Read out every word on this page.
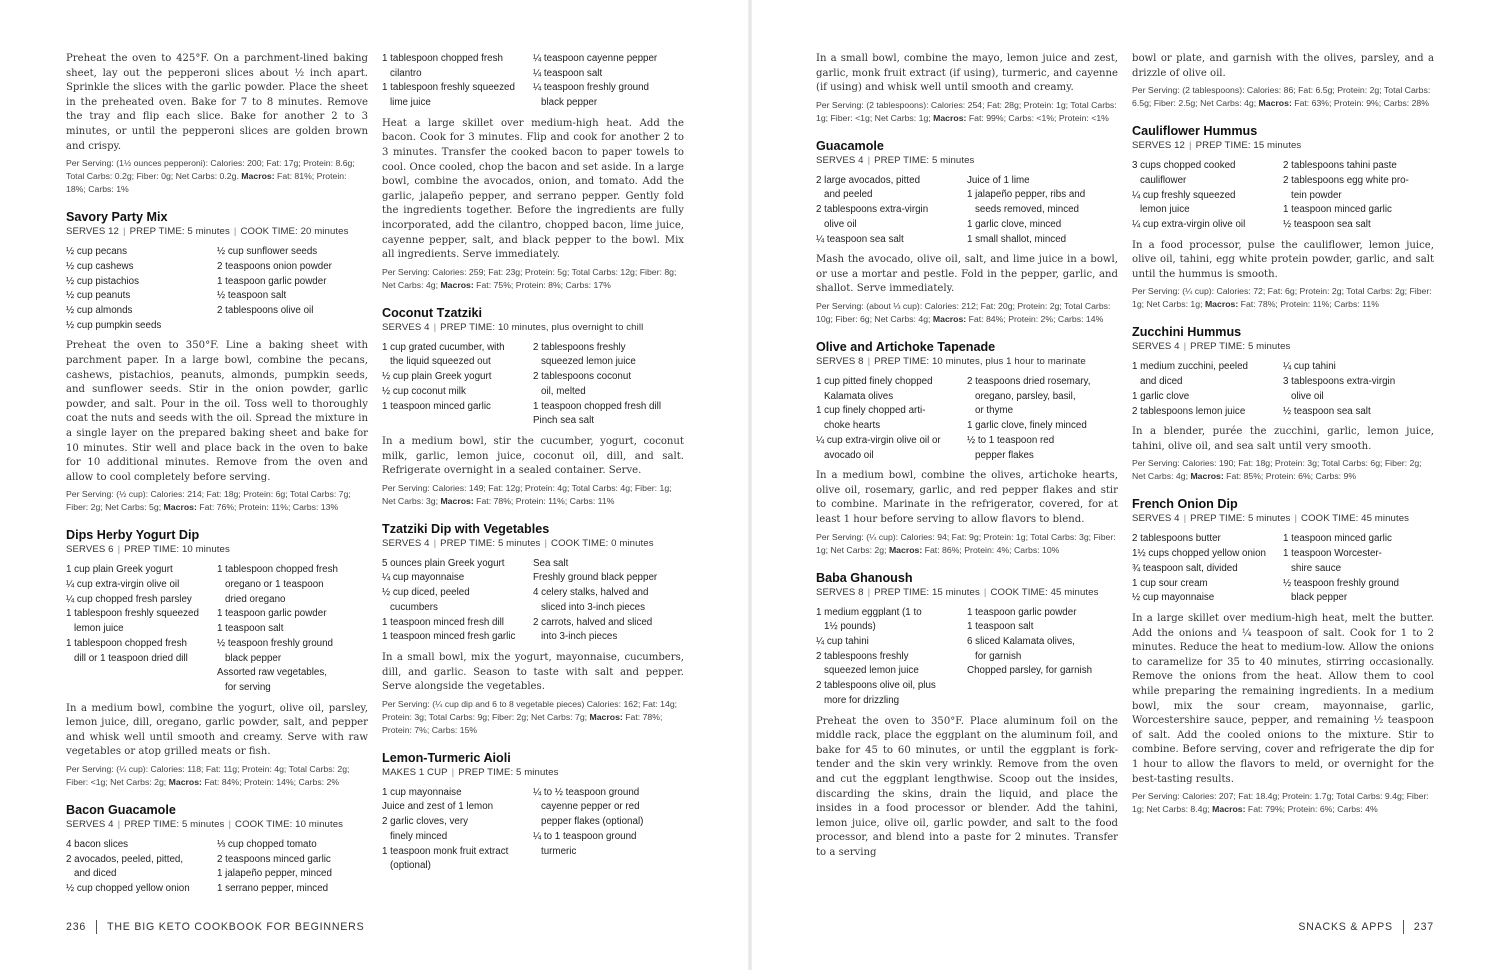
Preheat the oven to 425°F. On a parchment-lined baking sheet, lay out the pepperoni slices about ½ inch apart. Sprinkle the slices with the garlic powder. Place the sheet in the preheated oven. Bake for 7 to 8 minutes. Remove the tray and flip each slice. Bake for another 2 to 3 minutes, or until the pepperoni slices are golden brown and crispy.

Per Serving: (1½ ounces pepperoni): Calories: 200; Fat: 17g; Protein: 8.6g; Total Carbs: 0.2g; Fiber: 0g; Net Carbs: 0.2g. Macros: Fat: 81%; Protein: 18%; Carbs: 1%

Savory Party Mix
SERVES 12 | PREP TIME: 5 minutes | COOK TIME: 20 minutes
½ cup pecans
½ cup cashews
½ cup pistachios
½ cup peanuts
½ cup almonds
½ cup pumpkin seeds
½ cup sunflower seeds
2 teaspoons onion powder
1 teaspoon garlic powder
½ teaspoon salt
2 tablespoons olive oil

Preheat the oven to 350°F. Line a baking sheet with parchment paper. In a large bowl, combine the pecans, cashews, pistachios, peanuts, almonds, pumpkin seeds, and sunflower seeds. Stir in the onion powder, garlic powder, and salt. Pour in the oil. Toss well to thoroughly coat the nuts and seeds with the oil. Spread the mixture in a single layer on the prepared baking sheet and bake for 10 minutes. Stir well and place back in the oven to bake for 10 additional minutes. Remove from the oven and allow to cool completely before serving.

Per Serving: (½ cup): Calories: 214; Fat: 18g; Protein: 6g; Total Carbs: 7g; Fiber: 2g; Net Carbs: 5g; Macros: Fat: 76%; Protein: 11%; Carbs: 13%

Dips Herby Yogurt Dip
SERVES 6 | PREP TIME: 10 minutes
1 cup plain Greek yogurt
¼ cup extra-virgin olive oil
¼ cup chopped fresh parsley
1 tablespoon freshly squeezed
lemon juice
1 tablespoon chopped fresh
dill or 1 teaspoon dried dill
1 tablespoon chopped fresh
oregano or 1 teaspoon
dried oregano
1 teaspoon garlic powder
1 teaspoon salt
½ teaspoon freshly ground
black pepper
Assorted raw vegetables,
for serving

In a medium bowl, combine the yogurt, olive oil, parsley, lemon juice, dill, oregano, garlic powder, salt, and pepper and whisk well until smooth and creamy. Serve with raw vegetables or atop grilled meats or fish.

Per Serving: (¼ cup): Calories: 118; Fat: 11g; Protein: 4g; Total Carbs: 2g; Fiber: <1g; Net Carbs: 2g; Macros: Fat: 84%; Protein: 14%; Carbs: 2%

Bacon Guacamole
SERVES 4 | PREP TIME: 5 minutes | COOK TIME: 10 minutes
4 bacon slices
2 avocados, peeled, pitted,
and diced
½ cup chopped yellow onion
⅓ cup chopped tomato
2 teaspoons minced garlic
1 jalapeño pepper, minced
1 serrano pepper, minced
1 tablespoon chopped fresh
cilantro
1 tablespoon freshly squeezed
lime juice
¼ teaspoon cayenne pepper
¼ teaspoon salt
¼ teaspoon freshly ground
black pepper

Heat a large skillet over medium-high heat. Add the bacon. Cook for 3 minutes. Flip and cook for another 2 to 3 minutes. Transfer the cooked bacon to paper towels to cool. Once cooled, chop the bacon and set aside. In a large bowl, combine the avocados, onion, and tomato. Add the garlic, jalapeño pepper, and serrano pepper. Gently fold the ingredients together. Before the ingredients are fully incorporated, add the cilantro, chopped bacon, lime juice, cayenne pepper, salt, and black pepper to the bowl. Mix all ingredients. Serve immediately.

Per Serving: Calories: 259; Fat: 23g; Protein: 5g; Total Carbs: 12g; Fiber: 8g; Net Carbs: 4g; Macros: Fat: 75%; Protein: 8%; Carbs: 17%

Coconut Tzatziki
SERVES 4 | PREP TIME: 10 minutes, plus overnight to chill
1 cup grated cucumber, with
the liquid squeezed out
½ cup plain Greek yogurt
½ cup coconut milk
1 teaspoon minced garlic
2 tablespoons freshly
squeezed lemon juice
2 tablespoons coconut
oil, melted
1 teaspoon chopped fresh dill
Pinch sea salt

In a medium bowl, stir the cucumber, yogurt, coconut milk, garlic, lemon juice, coconut oil, dill, and salt. Refrigerate overnight in a sealed container. Serve.

Per Serving: Calories: 149; Fat: 12g; Protein: 4g; Total Carbs: 4g; Fiber: 1g; Net Carbs: 3g; Macros: Fat: 78%; Protein: 11%; Carbs: 11%

Tzatziki Dip with Vegetables
SERVES 4 | PREP TIME: 5 minutes | COOK TIME: 0 minutes
5 ounces plain Greek yogurt
¼ cup mayonnaise
½ cup diced, peeled
cucumbers
1 teaspoon minced fresh dill
1 teaspoon minced fresh garlic
Sea salt
Freshly ground black pepper
4 celery stalks, halved and
sliced into 3-inch pieces
2 carrots, halved and sliced
into 3-inch pieces

In a small bowl, mix the yogurt, mayonnaise, cucumbers, dill, and garlic. Season to taste with salt and pepper. Serve alongside the vegetables.

Per Serving: (¼ cup dip and 6 to 8 vegetable pieces) Calories: 162; Fat: 14g; Protein: 3g; Total Carbs: 9g; Fiber: 2g; Net Carbs: 7g; Macros: Fat: 78%; Protein: 7%; Carbs: 15%

Lemon-Turmeric Aioli
MAKES 1 CUP | PREP TIME: 5 minutes
1 cup mayonnaise
Juice and zest of 1 lemon
2 garlic cloves, very
finely minced
1 teaspoon monk fruit extract
(optional)
¼ to ½ teaspoon ground
cayenne pepper or red
pepper flakes (optional)
¼ to 1 teaspoon ground
turmeric

In a small bowl, combine the mayo, lemon juice and zest, garlic, monk fruit extract (if using), turmeric, and cayenne (if using) and whisk well until smooth and creamy.

Per Serving: (2 tablespoons): Calories: 254; Fat: 28g; Protein: 1g; Total Carbs: 1g; Fiber: <1g; Net Carbs: 1g; Macros: Fat: 99%; Carbs: <1%; Protein: <1%

Guacamole
SERVES 4 | PREP TIME: 5 minutes
2 large avocados, pitted
and peeled
2 tablespoons extra-virgin
olive oil
¼ teaspoon sea salt
Juice of 1 lime
1 jalapeño pepper, ribs and
seeds removed, minced
1 garlic clove, minced
1 small shallot, minced

Mash the avocado, olive oil, salt, and lime juice in a bowl, or use a mortar and pestle. Fold in the pepper, garlic, and shallot. Serve immediately.

Per Serving: (about ⅓ cup): Calories: 212; Fat: 20g; Protein: 2g; Total Carbs: 10g; Fiber: 6g; Net Carbs: 4g; Macros: Fat: 84%; Protein: 2%; Carbs: 14%

Olive and Artichoke Tapenade
SERVES 8 | PREP TIME: 10 minutes, plus 1 hour to marinate
1 cup pitted finely chopped
Kalamata olives
1 cup finely chopped arti-
choke hearts
¼ cup extra-virgin olive oil or
avocado oil
2 teaspoons dried rosemary,
oregano, parsley, basil,
or thyme
1 garlic clove, finely minced
½ to 1 teaspoon red
pepper flakes

In a medium bowl, combine the olives, artichoke hearts, olive oil, rosemary, garlic, and red pepper flakes and stir to combine. Marinate in the refrigerator, covered, for at least 1 hour before serving to allow flavors to blend.

Per Serving: (¼ cup): Calories: 94; Fat: 9g; Protein: 1g; Total Carbs: 3g; Fiber: 1g; Net Carbs: 2g; Macros: Fat: 86%; Protein: 4%; Carbs: 10%

Baba Ghanoush
SERVES 8 | PREP TIME: 15 minutes | COOK TIME: 45 minutes
1 medium eggplant (1 to
1½ pounds)
¼ cup tahini
2 tablespoons freshly
squeezed lemon juice
2 tablespoons olive oil, plus
more for drizzling
1 teaspoon garlic powder
1 teaspoon salt
6 sliced Kalamata olives,
for garnish
Chopped parsley, for garnish

Preheat the oven to 350°F. Place aluminum foil on the middle rack, place the eggplant on the aluminum foil, and bake for 45 to 60 minutes, or until the eggplant is fork-tender and the skin very wrinkly. Remove from the oven and cut the eggplant lengthwise. Scoop out the insides, discarding the skins, drain the liquid, and place the insides in a food processor or blender. Add the tahini, lemon juice, olive oil, garlic powder, and salt to the food processor, and blend into a paste for 2 minutes. Transfer to a serving

bowl or plate, and garnish with the olives, parsley, and a drizzle of olive oil.

Per Serving: (2 tablespoons): Calories: 86; Fat: 6.5g; Protein: 2g; Total Carbs: 6.5g; Fiber: 2.5g; Net Carbs: 4g; Macros: Fat: 63%; Protein: 9%; Carbs: 28%

Cauliflower Hummus
SERVES 12 | PREP TIME: 15 minutes
3 cups chopped cooked
cauliflower
¼ cup freshly squeezed
lemon juice
¼ cup extra-virgin olive oil
2 tablespoons tahini paste
2 tablespoons egg white pro-
tein powder
1 teaspoon minced garlic
½ teaspoon sea salt

In a food processor, pulse the cauliflower, lemon juice, olive oil, tahini, egg white protein powder, garlic, and salt until the hummus is smooth.

Per Serving: (¼ cup): Calories: 72; Fat: 6g; Protein: 2g; Total Carbs: 2g; Fiber: 1g; Net Carbs: 1g; Macros: Fat: 78%; Protein: 11%; Carbs: 11%

Zucchini Hummus
SERVES 4 | PREP TIME: 5 minutes
1 medium zucchini, peeled
and diced
1 garlic clove
2 tablespoons lemon juice
¼ cup tahini
3 tablespoons extra-virgin
olive oil
½ teaspoon sea salt

In a blender, purée the zucchini, garlic, lemon juice, tahini, olive oil, and sea salt until very smooth.

Per Serving: Calories: 190; Fat: 18g; Protein: 3g; Total Carbs: 6g; Fiber: 2g; Net Carbs: 4g; Macros: Fat: 85%; Protein: 6%; Carbs: 9%

French Onion Dip
SERVES 4 | PREP TIME: 5 minutes | COOK TIME: 45 minutes
2 tablespoons butter
1½ cups chopped yellow onion
¾ teaspoon salt, divided
1 cup sour cream
½ cup mayonnaise
1 teaspoon minced garlic
1 teaspoon Worcester-
shire sauce
½ teaspoon freshly ground
black pepper

In a large skillet over medium-high heat, melt the butter. Add the onions and ¼ teaspoon of salt. Cook for 1 to 2 minutes. Reduce the heat to medium-low. Allow the onions to caramelize for 35 to 40 minutes, stirring occasionally. Remove the onions from the heat. Allow them to cool while preparing the remaining ingredients. In a medium bowl, mix the sour cream, mayonnaise, garlic, Worcestershire sauce, pepper, and remaining ½ teaspoon of salt. Add the cooled onions to the mixture. Stir to combine. Before serving, cover and refrigerate the dip for 1 hour to allow the flavors to meld, or overnight for the best-tasting results.

Per Serving: Calories: 207; Fat: 18.4g; Protein: 1.7g; Total Carbs: 9.4g; Fiber: 1g; Net Carbs: 8.4g; Macros: Fat: 79%; Protein: 6%; Carbs: 4%

236 THE BIG KETO COOKBOOK FOR BEGINNERS	SNACKS & APPS 237
